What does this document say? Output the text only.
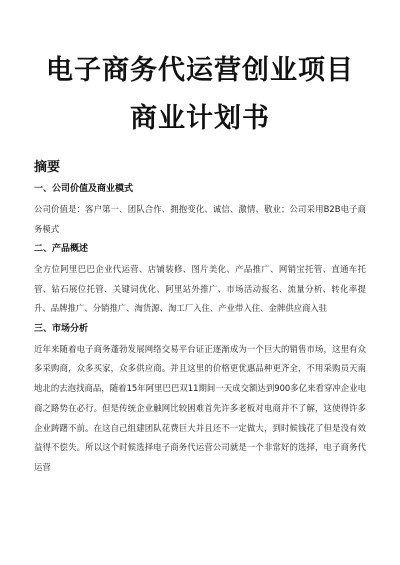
电子商务代运营创业项目
商业计划书
摘要
一、公司价值及商业模式

公司价值是：客户第一、团队合作、拥抱变化、诚信、激情、敬业；公司采用B2B电子商务模式

二、产品概述

全方位阿里巴巴企业代运营、店铺装修、图片美化、产品推广、网销宝托管、直通车托管、钻石展位托管、关键词优化、阿里站外推广、市场活动报名、流量分析、转化率提升、品牌推广、分销推广、淘货源、淘工厂入住、产业带入住、金牌供应商入驻

三、市场分析

近年来随着电子商务蓬勃发展网络交易平台证正逐渐成为一个巨大的销售市场，这里有众多采购商，众多买家，众多供应商。并且这里的价格更优惠品种更齐全，不用采购员天南地北的去泡找商品，随着15年阿里巴巴双11期间一天成交额达到900多亿来看穿冲企业电商之路势在必行。但是传统企业触网比较困难首先许多老板对电商并不了解，这使得许多企业踌躇不前。在这自己组建团队花费巨大并且还不一定做大，到时候钱花了但是没有效益得不偿失。所以这个时候选择电子商务代运营公司就是一个非常好的选择，电子商务代运营
